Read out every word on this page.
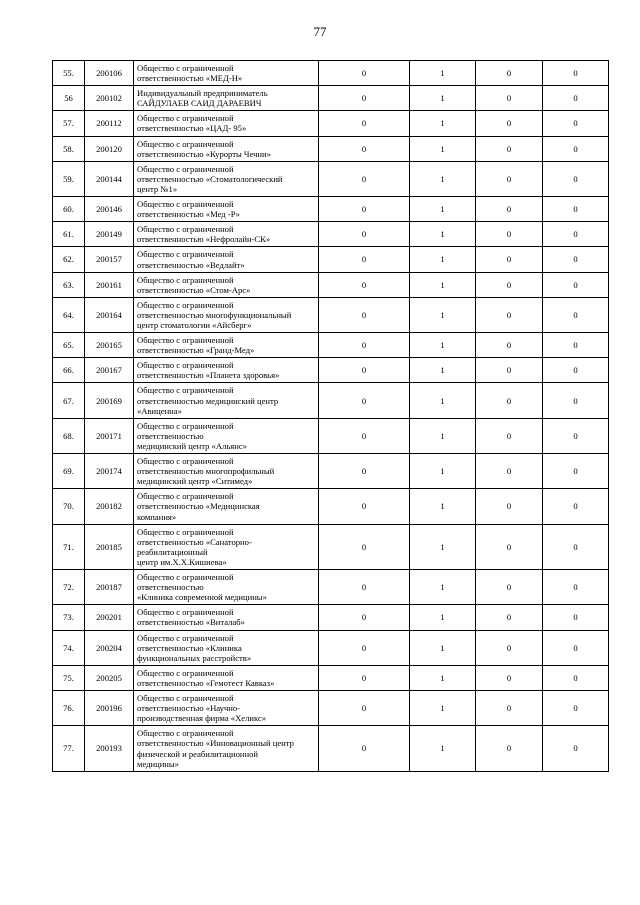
77
55.	200106	Общество с ограниченной
ответственностью «МЕД-Н»	0	1	0	0
56	200102	Индивидуальный предприниматель
САЙДУЛАЕВ САИД ДАРАЕВИЧ	0	1	0	0
57.	200112	Общество с ограниченной
ответственностью «ЦАД- 95»	0	1	0	0
58.	200120	Общество с ограниченной
ответственностью «Курорты Чечни»	0	1	0	0
59.	200144	Общество с ограниченной
ответственностью «Стоматологический
центр №1»	0	1	0	0
60.	200146	Общество с ограниченной
ответственностью «Мед -Р»	0	1	0	0
61.	200149	Общество с ограниченной
ответственностью «Нефролайн-СК»	0	1	0	0
62.	200157	Общество с ограниченной
ответственностью «Ведлайт»	0	1	0	0
63.	200161	Общество с ограниченной
ответственностью «Стом-Арс»	0	1	0	0
64.	200164	Общество с ограниченной
ответственностью многофункциональный
центр стоматологии «Айсберг»	0	1	0	0
65.	200165	Общество с ограниченной
ответственностью «Гранд-Мед»	0	1	0	0
66.	200167	Общество с ограниченной
ответственностью «Планета здоровья»	0	1	0	0
67.	200169	Общество с ограниченной
ответственностью медицинский центр
«Авиценна»	0	1	0	0
68.	200171	Общество с ограниченной
ответственностью
медицинский центр «Альянс»	0	1	0	0
69.	200174	Общество с ограниченной
ответственностью многопрофильный
медицинский центр «Ситимед»	0	1	0	0
70.	200182	Общество с ограниченной
ответственностью «Медицинская
компания»	0	1	0	0
71.	200185	Общество с ограниченной
ответственностью «Санаторно-
реабилитационный
центр им.Х.Х.Кишиева»	0	1	0	0
72.	200187	Общество с ограниченной
ответственностью
«Клиника современной медицины»	0	1	0	0
73.	200201	Общество с ограниченной
ответственностью «Виталаб»	0	1	0	0
74.	200204	Общество с ограниченной
ответственностью «Клиника
функциональных расстройств»	0	1	0	0
75.	200205	Общество с ограниченной
ответственностью «Гемотест Кавказ»	0	1	0	0
76.	200196	Общество с ограниченной
ответственностью «Научно-
производственная фирма «Хеликс»	0	1	0	0
77.	200193	Общество с ограниченной
ответственностью «Инновационный центр
физической и реабилитационной
медицины»	0	1	0	0
